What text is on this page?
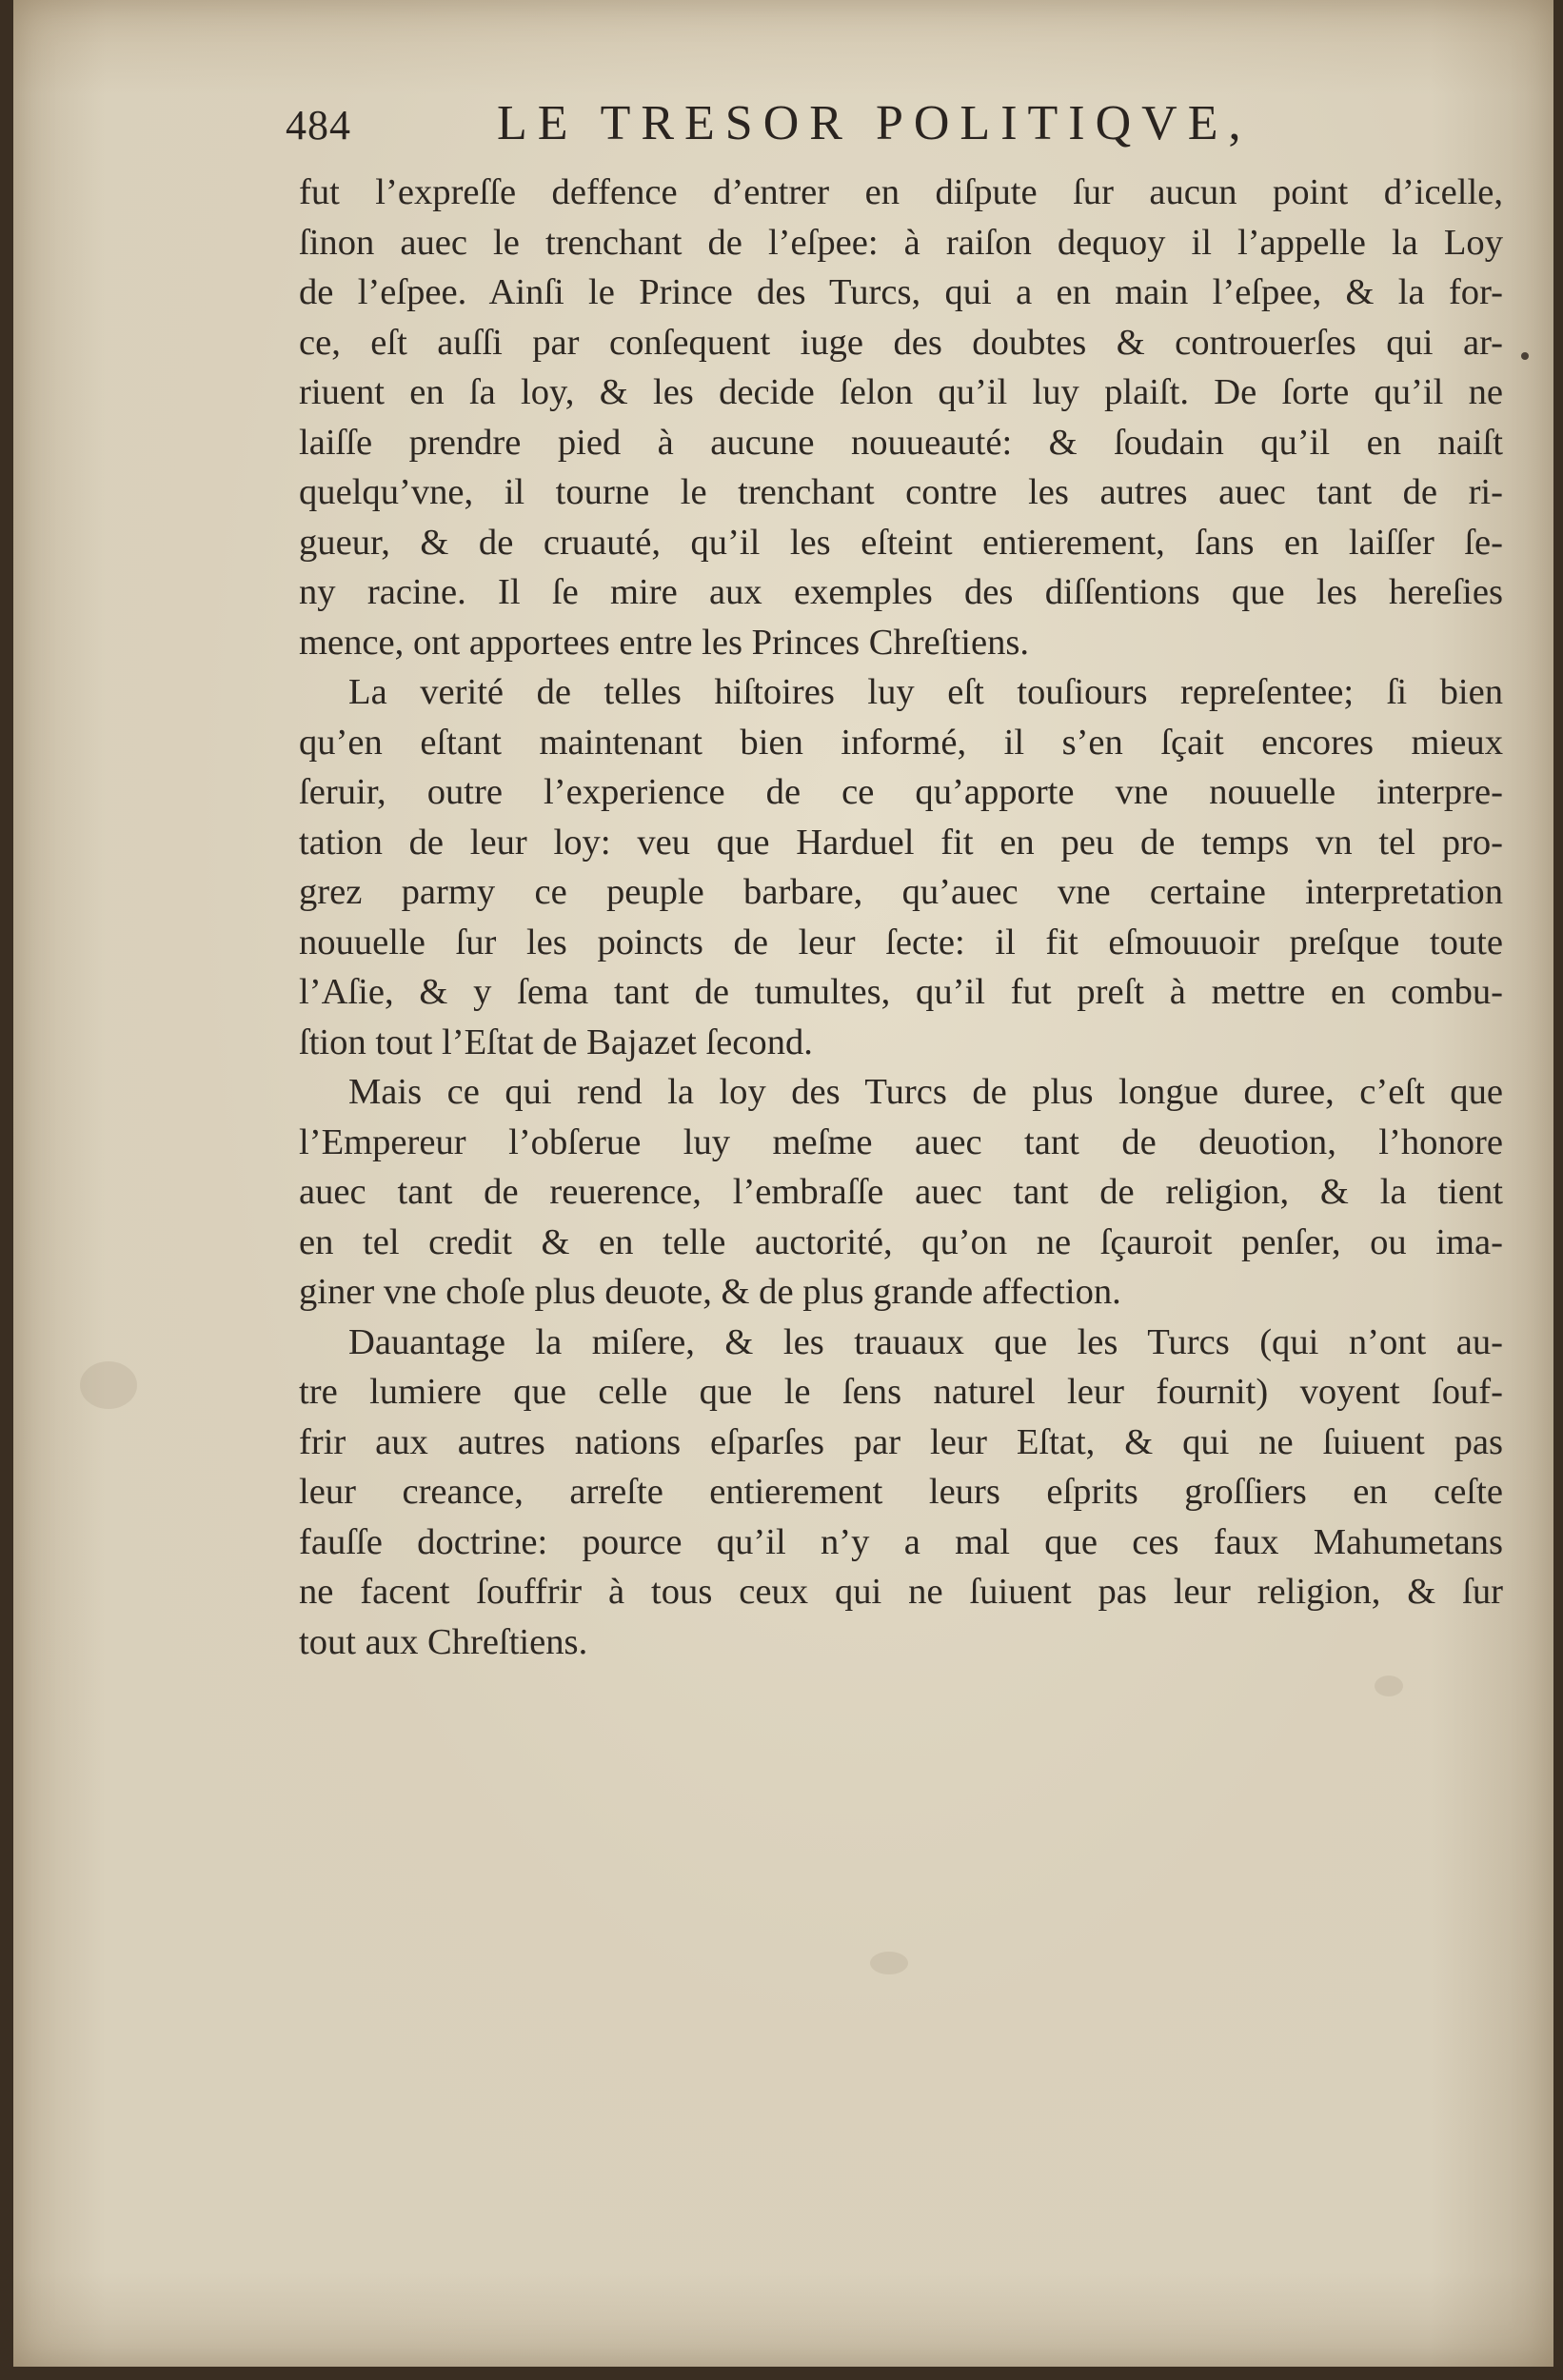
484	LE TRESOR POLITIQVE,
fut l’expreſſe deffence d’entrer en diſpute ſur aucun point d’icelle,
ſinon auec le trenchant de l’eſpee: à raiſon dequoy il l’appelle la Loy
de l’eſpee. Ainſi le Prince des Turcs, qui a en main l’eſpee, & la for-
ce, eſt auſſi par conſequent iuge des doubtes & controuerſes qui ar-
riuent en ſa loy, & les decide ſelon qu’il luy plaiſt. De ſorte qu’il ne
laiſſe prendre pied à aucune nouueauté: & ſoudain qu’il en naiſt
quelqu’vne, il tourne le trenchant contre les autres auec tant de ri-
gueur, & de cruauté, qu’il les eſteint entierement, ſans en laiſſer ſe-
ny racine. Il ſe mire aux exemples des diſſentions que les hereſies
mence, ont apportees entre les Princes Chreſtiens.
La verité de telles hiſtoires luy eſt touſiours repreſentee; ſi bien
qu’en eſtant maintenant bien informé, il s’en ſçait encores mieux
ſeruir, outre l’experience de ce qu’apporte vne nouuelle interpre-
tation de leur loy: veu que Harduel fit en peu de temps vn tel pro-
grez parmy ce peuple barbare, qu’auec vne certaine interpretation
nouuelle ſur les poincts de leur ſecte: il fit eſmouuoir preſque toute
l’Aſie, & y ſema tant de tumultes, qu’il fut preſt à mettre en combu-
ſtion tout l’Eſtat de Bajazet ſecond.
Mais ce qui rend la loy des Turcs de plus longue duree, c’eſt que
l’Empereur l’obſerue luy meſme auec tant de deuotion, l’honore
auec tant de reuerence, l’embraſſe auec tant de religion, & la tient
en tel credit & en telle auctorité, qu’on ne ſçauroit penſer, ou ima-
giner vne choſe plus deuote, & de plus grande affection.
Dauantage la miſere, & les trauaux que les Turcs (qui n’ont au-
tre lumiere que celle que le ſens naturel leur fournit) voyent ſouf-
frir aux autres nations eſparſes par leur Eſtat, & qui ne ſuiuent pas
leur creance, arreſte entierement leurs eſprits groſſiers en ceſte
fauſſe doctrine: pource qu’il n’y a mal que ces faux Mahumetans
ne facent ſouffrir à tous ceux qui ne ſuiuent pas leur religion, & ſur
tout aux Chreſtiens.
